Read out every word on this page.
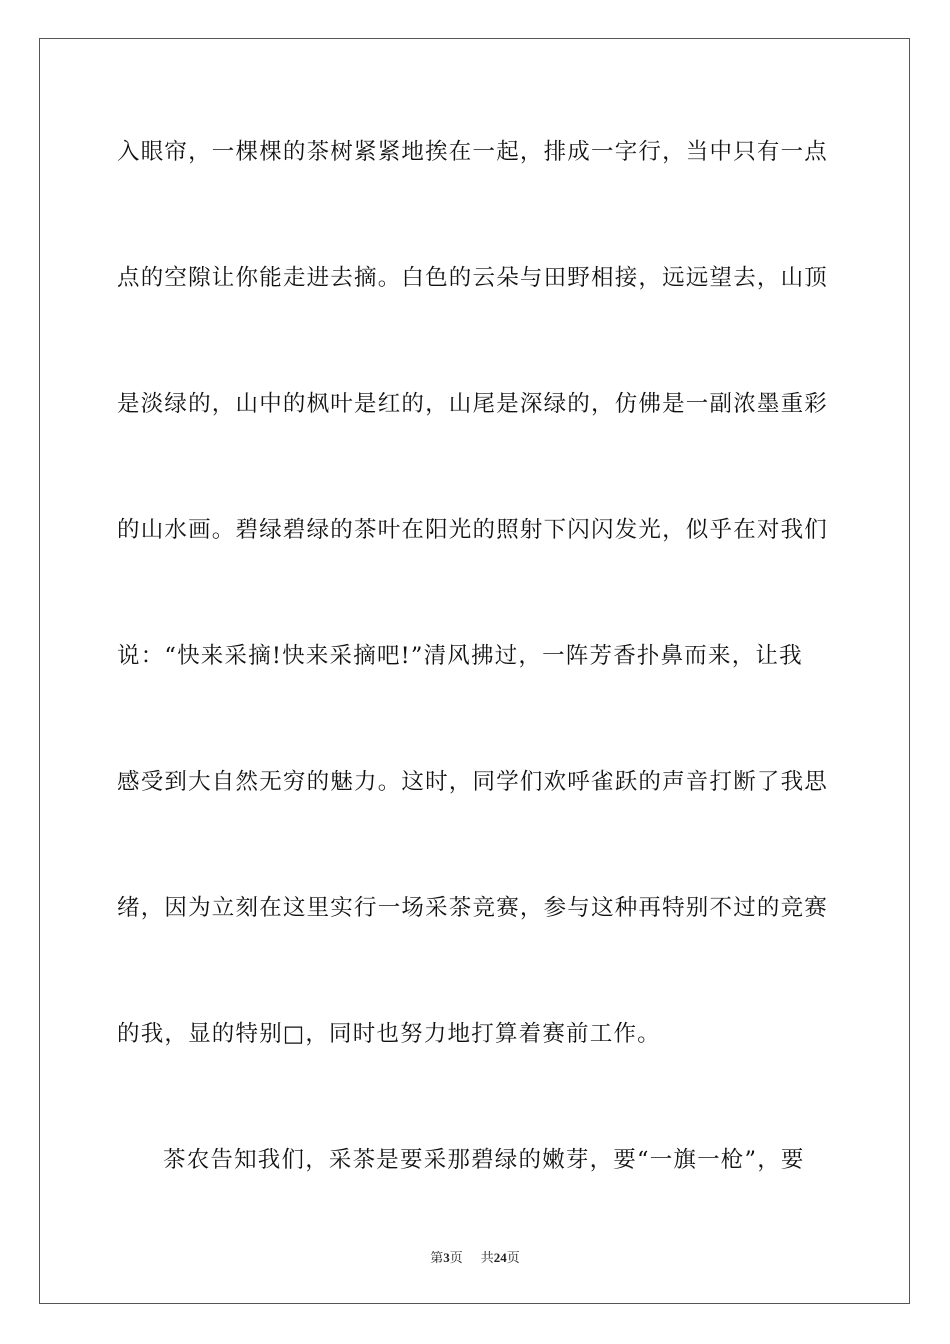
入眼帘，一棵棵的茶树紧紧地挨在一起，排成一字行，当中只有一点
点的空隙让你能走进去摘。白色的云朵与田野相接，远远望去，山顶
是淡绿的，山中的枫叶是红的，山尾是深绿的，仿佛是一副浓墨重彩
的山水画。碧绿碧绿的茶叶在阳光的照射下闪闪发光，似乎在对我们
说：“快来采摘!快来采摘吧!”清风拂过，一阵芳香扑鼻而来，让我
感受到大自然无穷的魅力。这时，同学们欢呼雀跃的声音打断了我思
绪，因为立刻在这里实行一场采茶竞赛，参与这种再特别不过的竞赛
的我，显的特别□，同时也努力地打算着赛前工作。
茶农告知我们，采茶是要采那碧绿的嫩芽，要“一旗一枪”，要
第3页 共24页
